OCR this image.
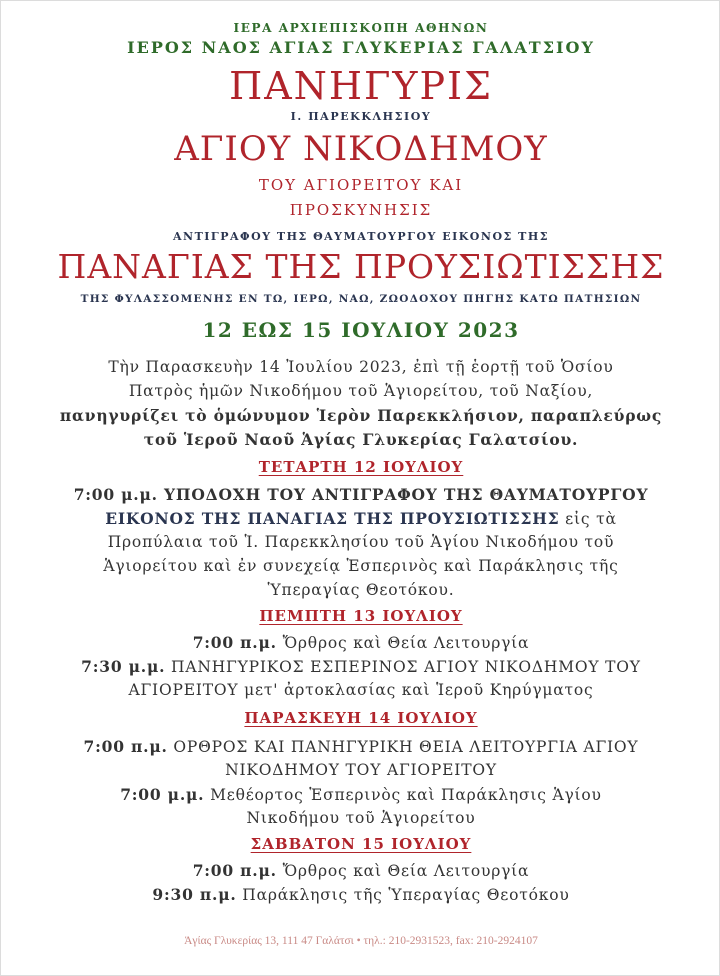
ΙΕΡΑ ΑΡΧΙΕΠΙΣΚΟΠΗ ΑΘΗΝΩΝ
ΙΕΡΟΣ ΝΑΟΣ ΑΓΙΑΣ ΓΛΥΚΕΡΙΑΣ ΓΑΛΑΤΣΙΟΥ
ΠΑΝΗΓΥΡΙΣ
Ι. ΠΑΡΕΚΚΛΗΣΙΟΥ
ΑΓΙΟΥ ΝΙΚΟΔΗΜΟΥ
ΤΟΥ ΑΓΙΟΡΕΙΤΟΥ ΚΑΙ
ΠΡΟΣΚΥΝΗΣΙΣ
ΑΝΤΙΓΡΑΦΟΥ ΤΗΣ ΘΑΥΜΑΤΟΥΡΓΟΥ ΕΙΚΟΝΟΣ ΤΗΣ
ΠΑΝΑΓΙΑΣ ΤΗΣ ΠΡΟΥΣΙΩΤΙΣΣΗΣ
ΤΗΣ ΦΥΛΑΣΣΟΜΕΝΗΣ ΕΝ ΤΩ, ΙΕΡΩ, ΝΑΩ, ΖΩΟΔΟΧΟΥ ΠΗΓΗΣ ΚΑΤΩ ΠΑΤΗΣΙΩΝ
12 ΕΩΣ 15 ΙΟΥΛΙΟΥ 2023
Τὴν Παρασκευὴν 14 Ἰουλίου 2023, ἐπὶ τῇ ἑορτῇ τοῦ Ὁσίου
Πατρὸς ἡμῶν Νικοδήμου τοῦ Ἁγιορείτου, τοῦ Ναξίου,
πανηγυρίζει τὸ ὁμώνυμον Ἱερὸν Παρεκκλήσιον, παραπλεύρως
τοῦ Ἱεροῦ Ναοῦ Ἁγίας Γλυκερίας Γαλατσίου.
ΤΕΤΑΡΤΗ 12 ΙΟΥΛΙΟΥ
7:00 μ.μ. ΥΠΟΔΟΧΗ ΤΟΥ ΑΝΤΙΓΡΑΦΟΥ ΤΗΣ ΘΑΥΜΑΤΟΥΡΓΟΥ
ΕΙΚΟΝΟΣ ΤΗΣ ΠΑΝΑΓΙΑΣ ΤΗΣ ΠΡΟΥΣΙΩΤΙΣΣΗΣ εἰς τὰ
Προπύλαια τοῦ Ἱ. Παρεκκλησίου τοῦ Ἁγίου Νικοδήμου τοῦ
Ἁγιορείτου καὶ ἐν συνεχείᾳ Ἑσπερινὸς καὶ Παράκλησις τῆς
Ὑπεραγίας Θεοτόκου.
ΠΕΜΠΤΗ 13 ΙΟΥΛΙΟΥ
7:00 π.μ. Ὄρθρος καὶ Θεία Λειτουργία
7:30 μ.μ. ΠΑΝΗΓΥΡΙΚΟΣ ΕΣΠΕΡΙΝΟΣ ΑΓΙΟΥ ΝΙΚΟΔΗΜΟΥ ΤΟΥ
ΑΓΙΟΡΕΙΤΟΥ μετ' ἀρτοκλασίας καὶ Ἱεροῦ Κηρύγματος
ΠΑΡΑΣΚΕΥΗ 14 ΙΟΥΛΙΟΥ
7:00 π.μ. ΟΡΘΡΟΣ ΚΑΙ ΠΑΝΗΓΥΡΙΚΗ ΘΕΙΑ ΛΕΙΤΟΥΡΓΙΑ ΑΓΙΟΥ
ΝΙΚΟΔΗΜΟΥ ΤΟΥ ΑΓΙΟΡΕΙΤΟΥ
7:00 μ.μ. Μεθέορτος Ἑσπερινὸς καὶ Παράκλησις Ἁγίου
Νικοδήμου τοῦ Ἁγιορείτου
ΣΑΒΒΑΤΟΝ 15 ΙΟΥΛΙΟΥ
7:00 π.μ. Ὄρθρος καὶ Θεία Λειτουργία
9:30 π.μ. Παράκλησις τῆς Ὑπεραγίας Θεοτόκου
Ἁγίας Γλυκερίας 13, 111 47 Γαλάτσι • τηλ.: 210-2931523, fax: 210-2924107
